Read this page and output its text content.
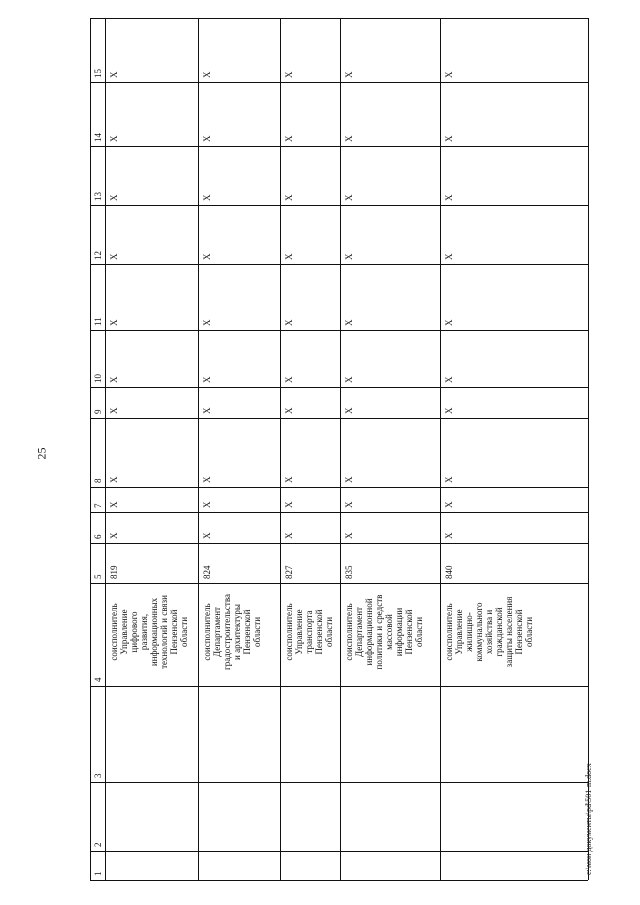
25
1
2
3
4
5
6
7
8
9
10
11
12
13
14
15
соисполнитель Управление цифрового развития, информационных технологий и связи Пензенской области
819
X
X
X
X
X
X
X
X
X
X
соисполнитель Департамент градостроительства и архитектуры Пензенской области
824
X
X
X
X
X
X
X
X
X
X
соисполнитель Управление транспорта Пензенской области
827
X
X
X
X
X
X
X
X
X
X
соисполнитель Департамент информационной политики и средств массовой информации Пензенской области
835
X
X
X
X
X
X
X
X
X
X
соисполнитель Управление жилищно- коммунального хозяйства и гражданской защиты населения Пензенской области
840
X
X
X
X
X
X
X
X
X
X
c:\мои документы\pd\501-m.docx
